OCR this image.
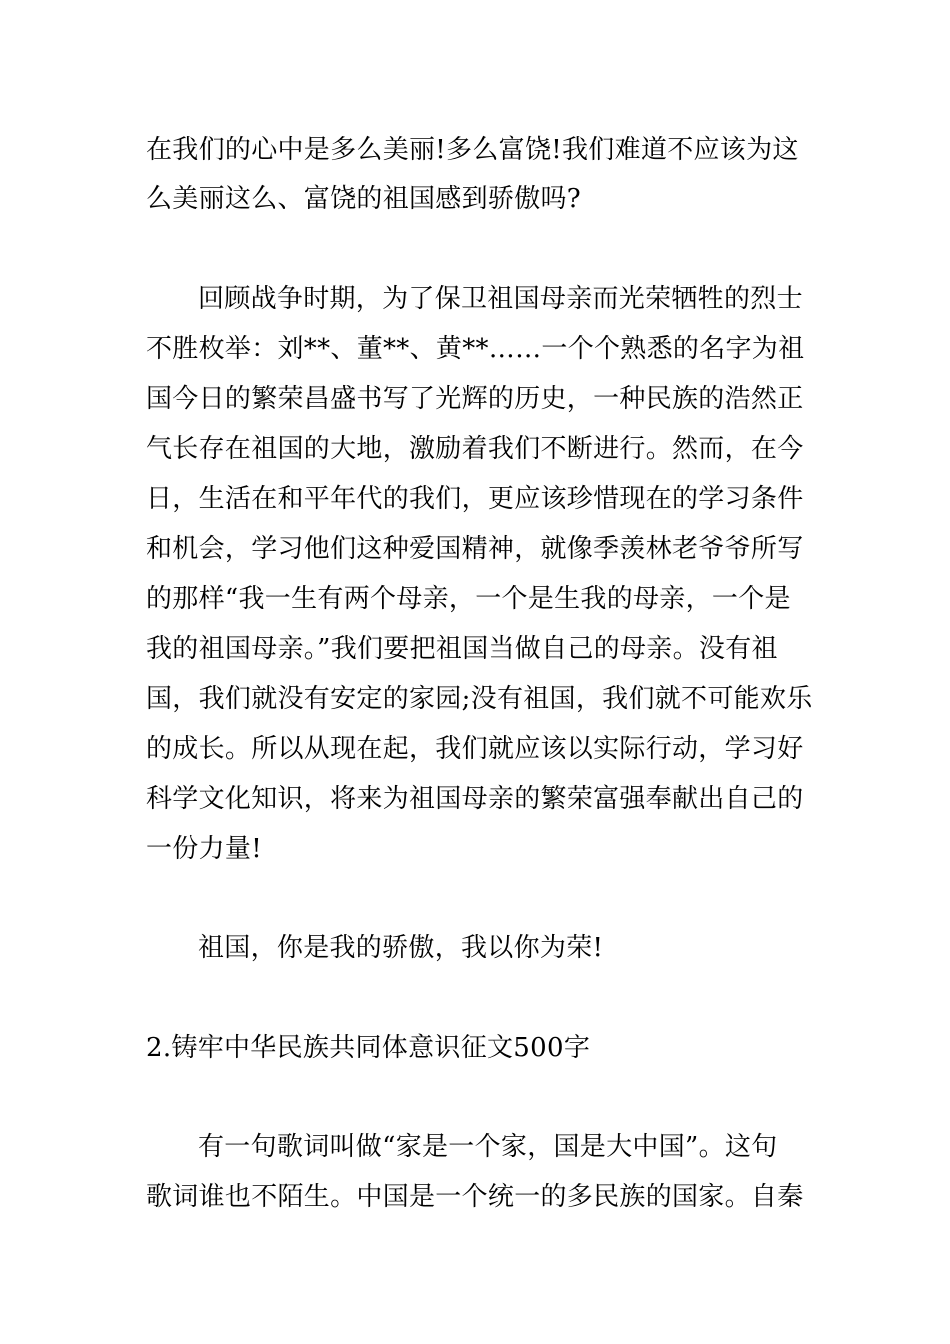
在我们的心中是多么美丽!多么富饶!我们难道不应该为这
么美丽这么、富饶的祖国感到骄傲吗?
回顾战争时期，为了保卫祖国母亲而光荣牺牲的烈士
不胜枚举：刘**、董**、黄**……一个个熟悉的名字为祖
国今日的繁荣昌盛书写了光辉的历史，一种民族的浩然正
气长存在祖国的大地，激励着我们不断进行。然而，在今
日，生活在和平年代的我们，更应该珍惜现在的学习条件
和机会，学习他们这种爱国精神，就像季羡林老爷爷所写
的那样“我一生有两个母亲，一个是生我的母亲，一个是
我的祖国母亲。”我们要把祖国当做自己的母亲。没有祖
国，我们就没有安定的家园;没有祖国，我们就不可能欢乐
的成长。所以从现在起，我们就应该以实际行动，学习好
科学文化知识，将来为祖国母亲的繁荣富强奉献出自己的
一份力量!
祖国，你是我的骄傲，我以你为荣!
2.铸牢中华民族共同体意识征文500字
有一句歌词叫做“家是一个家，国是大中国”。这句
歌词谁也不陌生。中国是一个统一的多民族的国家。自秦
